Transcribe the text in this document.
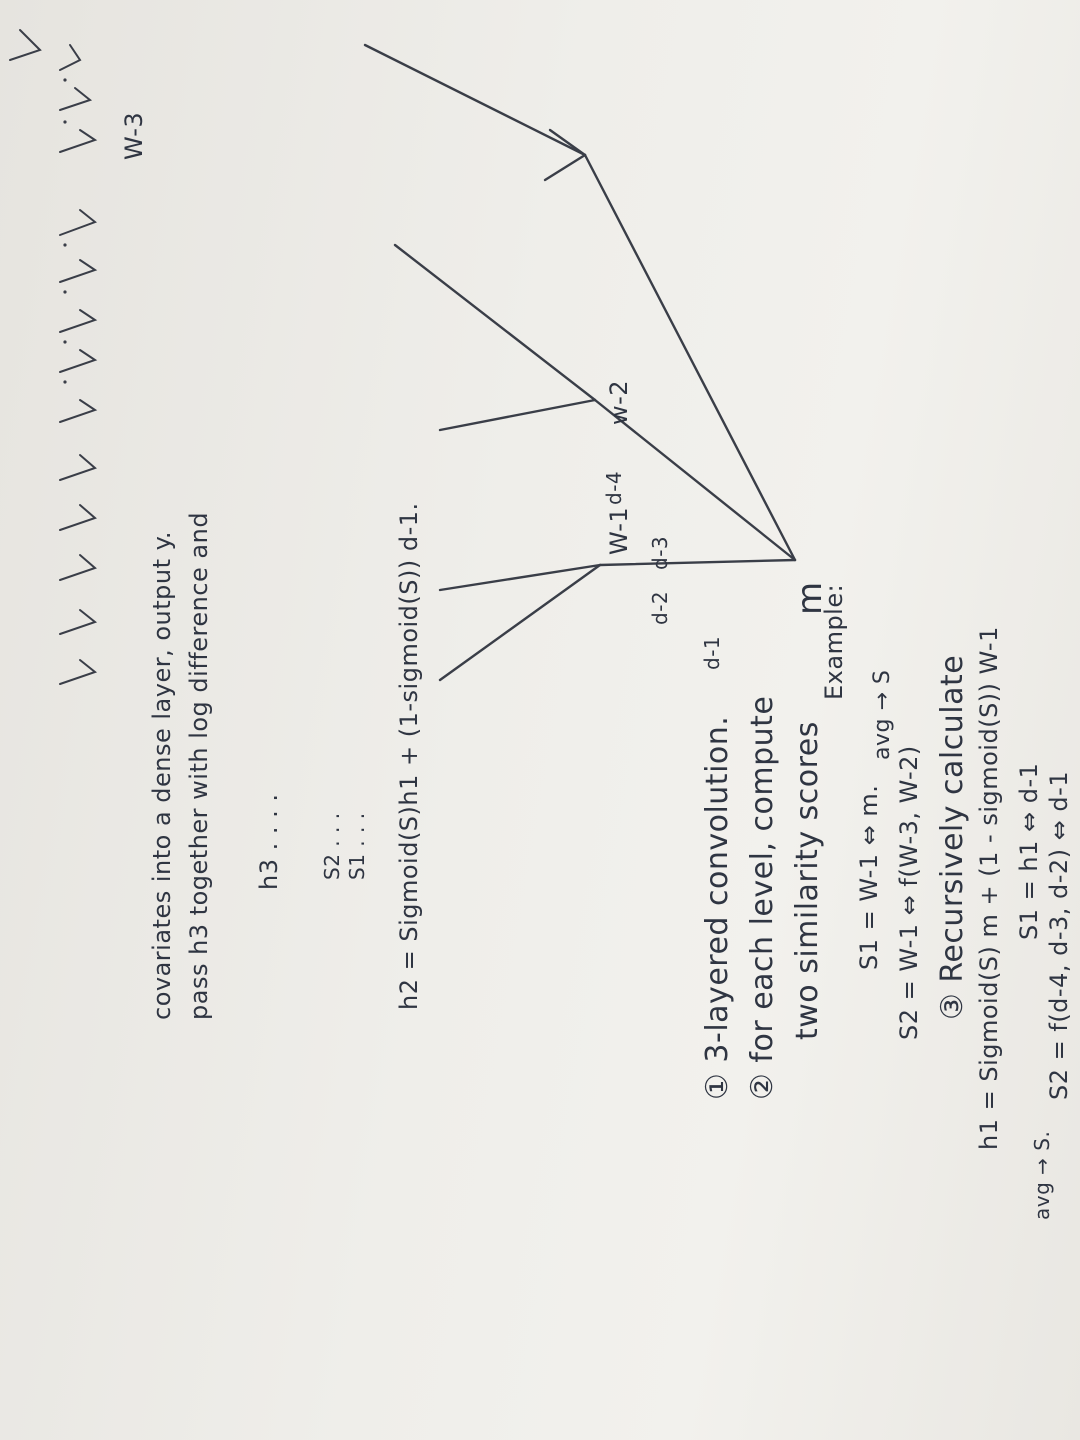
m
W-3
w-2
W-1
d-4
d-3
d-2
d-1
① 3-layered convolution. ② for each level, compute two similarity scores
Example:
S1 = W-1 ⇔ m. S2 = W-1 ⇔ f(W-3, W-2)
avg → S ③ Recursively calculate h1 = Sigmoid(S) m + (1 - sigmoid(S)) W-1 S1 = h1 ⇔ d-1 S2 = f(d-4, d-3, d-2) ⇔ d-1
avg → S.
h2 = Sigmoid(S)h1 + (1-sigmoid(S)) d-1.
S1 . . .
S2 . . .
h3 . . . .
pass h3 together with log difference and
covariates into a dense layer, output y.
